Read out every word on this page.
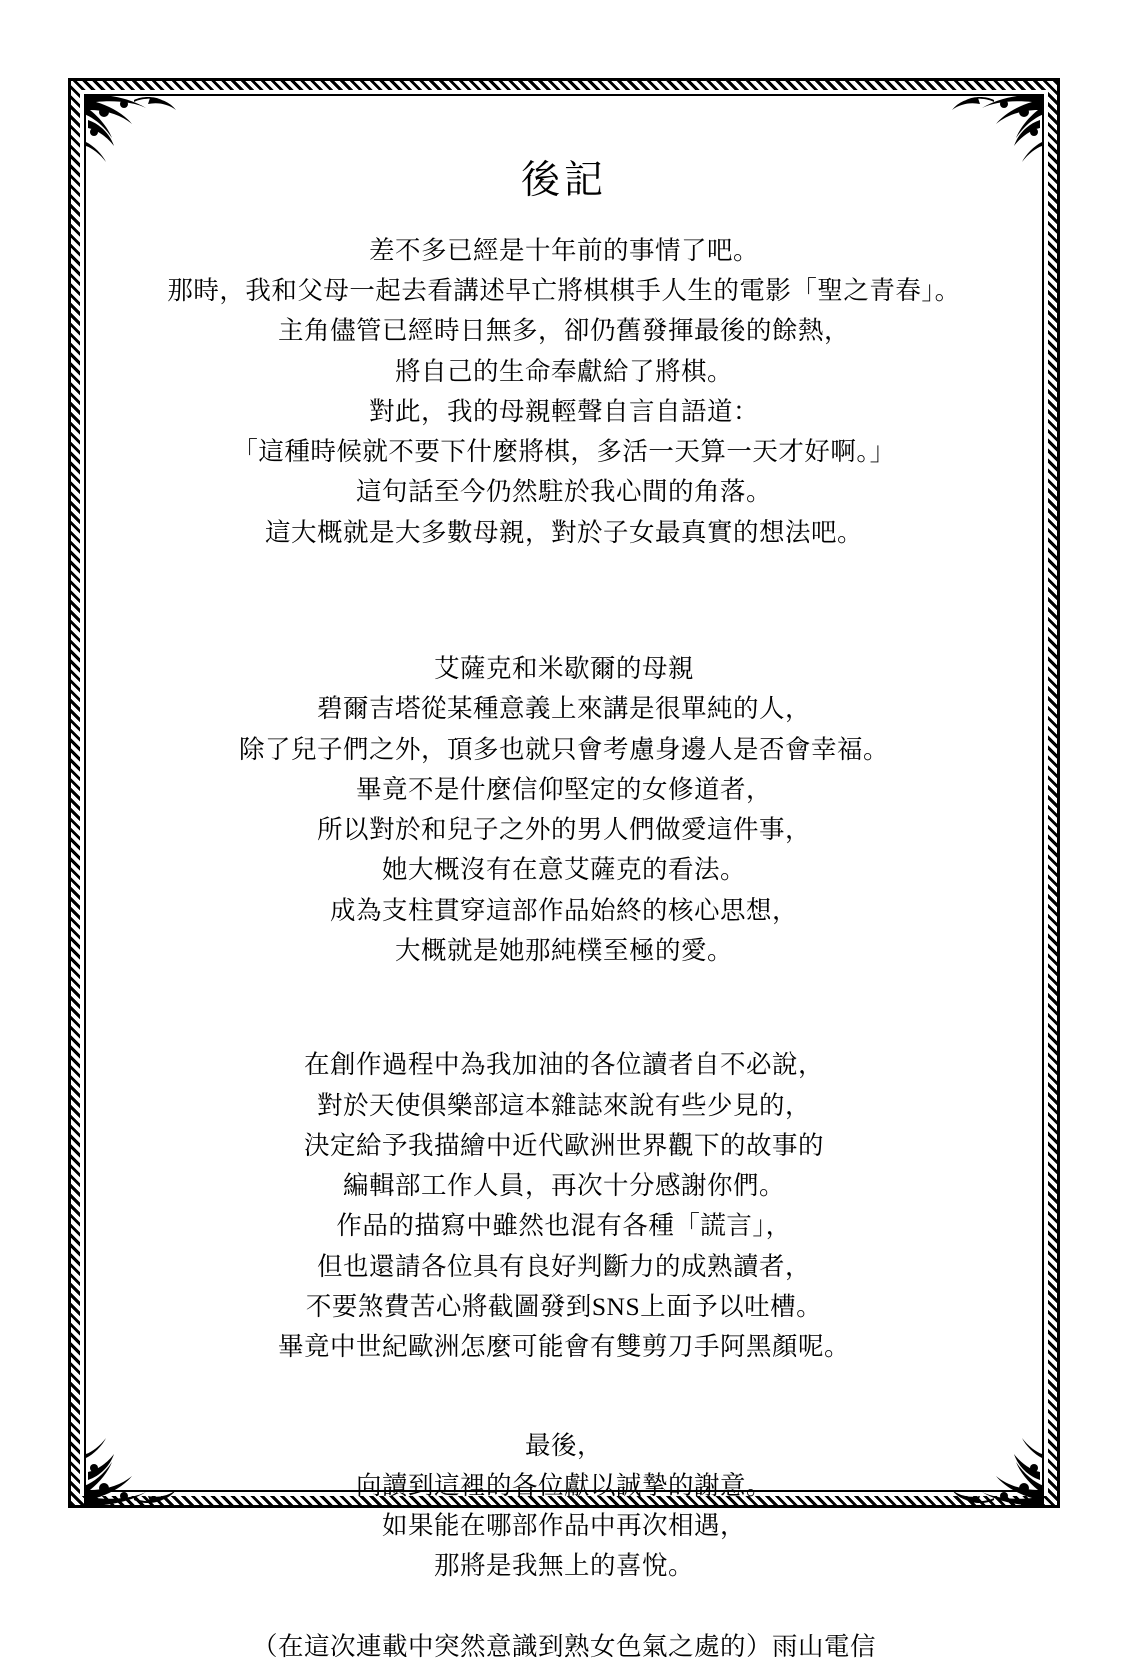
後記

差不多已經是十年前的事情了吧。

那時，我和父母一起去看講述早亡將棋棋手人生的電影「聖之青春」。

主角儘管已經時日無多，卻仍舊發揮最後的餘熱，

將自己的生命奉獻給了將棋。

對此，我的母親輕聲自言自語道：

「這種時候就不要下什麼將棋，多活一天算一天才好啊。」

這句話至今仍然駐於我心間的角落。

這大概就是大多數母親，對於子女最真實的想法吧。

艾薩克和米歇爾的母親

碧爾吉塔從某種意義上來講是很單純的人，

除了兒子們之外，頂多也就只會考慮身邊人是否會幸福。

畢竟不是什麼信仰堅定的女修道者，

所以對於和兒子之外的男人們做愛這件事，

她大概沒有在意艾薩克的看法。

成為支柱貫穿這部作品始終的核心思想，

大概就是她那純樸至極的愛。

在創作過程中為我加油的各位讀者自不必說，

對於天使俱樂部這本雜誌來說有些少見的，

決定給予我描繪中近代歐洲世界觀下的故事的

編輯部工作人員，再次十分感謝你們。

作品的描寫中雖然也混有各種「謊言」，

但也還請各位具有良好判斷力的成熟讀者，

不要煞費苦心將截圖發到SNS上面予以吐槽。

畢竟中世紀歐洲怎麼可能會有雙剪刀手阿黑顏呢。

最後，

向讀到這裡的各位獻以誠摯的謝意。

如果能在哪部作品中再次相遇，

那將是我無上的喜悅。

（在這次連載中突然意識到熟女色氣之處的）雨山電信
